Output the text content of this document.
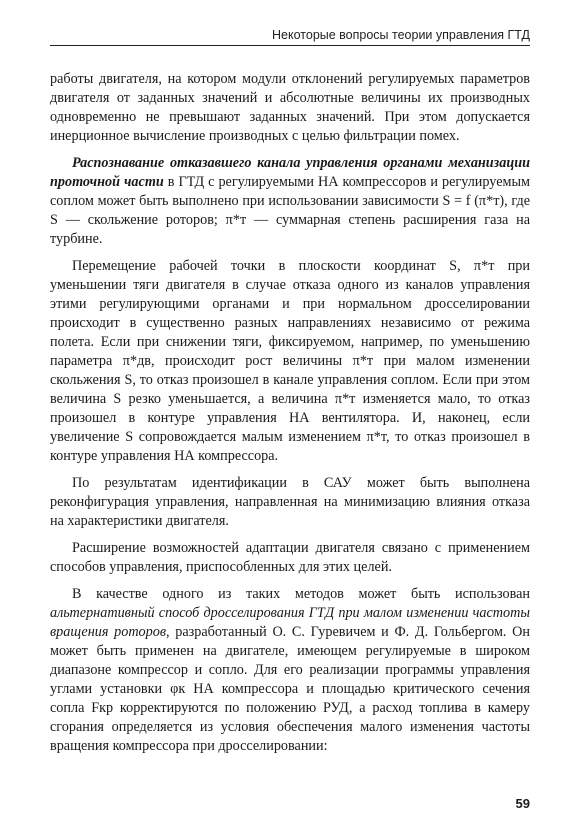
Некоторые вопросы теории управления ГТД

работы двигателя, на котором модули отклонений регулируемых параметров двигателя от заданных значений и абсолютные величины их производных одновременно не превышают заданных значений. При этом допускается инерционное вычисление производных с целью фильтрации помех.

Распознавание отказавшего канала управления органами механизации проточной части в ГТД с регулируемыми НА компрессоров и регулируемым соплом может быть выполнено при использовании зависимости S = f (π*т), где S — скольжение роторов; π*т — суммарная степень расширения газа на турбине.

Перемещение рабочей точки в плоскости координат S, π*т при уменьшении тяги двигателя в случае отказа одного из каналов управления этими регулирующими органами и при нормальном дросселировании происходит в существенно разных направлениях независимо от режима полета. Если при снижении тяги, фиксируемом, например, по уменьшению параметра π*дв, происходит рост величины π*т при малом изменении скольжения S, то отказ произошел в канале управления соплом. Если при этом величина S резко уменьшается, а величина π*т изменяется мало, то отказ произошел в контуре управления НА вентилятора. И, наконец, если увеличение S сопровождается малым изменением π*т, то отказ произошел в контуре управления НА компрессора.

По результатам идентификации в САУ может быть выполнена реконфигурация управления, направленная на минимизацию влияния отказа на характеристики двигателя.

Расширение возможностей адаптации двигателя связано с применением способов управления, приспособленных для этих целей.

В качестве одного из таких методов может быть использован альтернативный способ дросселирования ГТД при малом изменении частоты вращения роторов, разработанный О. С. Гуревичем и Ф. Д. Гольбергом. Он может быть применен на двигателе, имеющем регулируемые в широком диапазоне компрессор и сопло. Для его реализации программы управления углами установки φк НА компрессора и площадью критического сечения сопла Fкр корректируются по положению РУД, а расход топлива в камеру сгорания определяется из условия обеспечения малого изменения частоты вращения компрессора при дросселировании:

59
